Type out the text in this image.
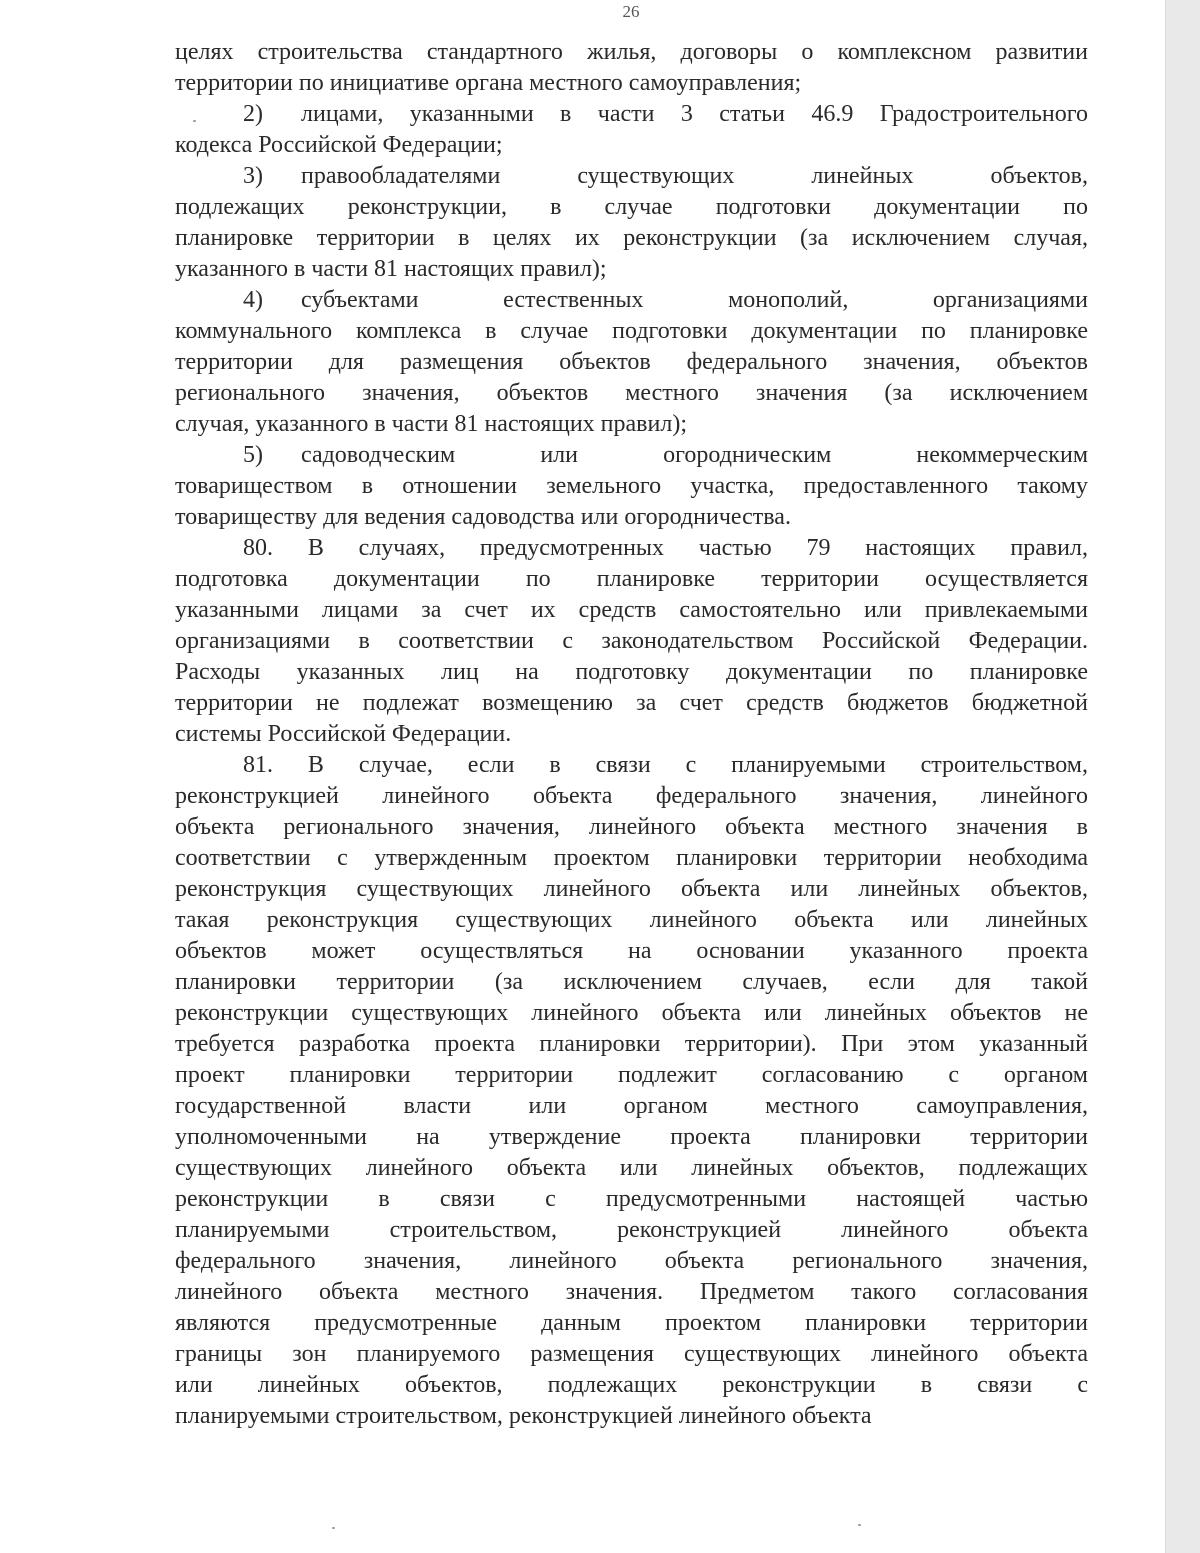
26
целях строительства стандартного жилья, договоры о комплексном развитии
территории по инициативе органа местного самоуправления;
2) лицами, указанными в части 3 статьи 46.9 Градостроительного
кодекса Российской Федерации;
3) правообладателями существующих линейных объектов,
подлежащих реконструкции, в случае подготовки документации по
планировке территории в целях их реконструкции (за исключением случая,
указанного в части 81 настоящих правил);
4) субъектами естественных монополий, организациями
коммунального комплекса в случае подготовки документации по планировке
территории для размещения объектов федерального значения, объектов
регионального значения, объектов местного значения (за исключением
случая, указанного в части 81 настоящих правил);
5) садоводческим или огородническим некоммерческим
товариществом в отношении земельного участка, предоставленного такому
товариществу для ведения садоводства или огородничества.
80. В случаях, предусмотренных частью 79 настоящих правил,
подготовка документации по планировке территории осуществляется
указанными лицами за счет их средств самостоятельно или привлекаемыми
организациями в соответствии с законодательством Российской Федерации.
Расходы указанных лиц на подготовку документации по планировке
территории не подлежат возмещению за счет средств бюджетов бюджетной
системы Российской Федерации.
81. В случае, если в связи с планируемыми строительством,
реконструкцией линейного объекта федерального значения, линейного
объекта регионального значения, линейного объекта местного значения в
соответствии с утвержденным проектом планировки территории необходима
реконструкция существующих линейного объекта или линейных объектов,
такая реконструкция существующих линейного объекта или линейных
объектов может осуществляться на основании указанного проекта
планировки территории (за исключением случаев, если для такой
реконструкции существующих линейного объекта или линейных объектов не
требуется разработка проекта планировки территории). При этом указанный
проект планировки территории подлежит согласованию с органом
государственной власти или органом местного самоуправления,
уполномоченными на утверждение проекта планировки территории
существующих линейного объекта или линейных объектов, подлежащих
реконструкции в связи с предусмотренными настоящей частью
планируемыми строительством, реконструкцией линейного объекта
федерального значения, линейного объекта регионального значения,
линейного объекта местного значения. Предметом такого согласования
являются предусмотренные данным проектом планировки территории
границы зон планируемого размещения существующих линейного объекта
или линейных объектов, подлежащих реконструкции в связи с
планируемыми строительством, реконструкцией линейного объекта
